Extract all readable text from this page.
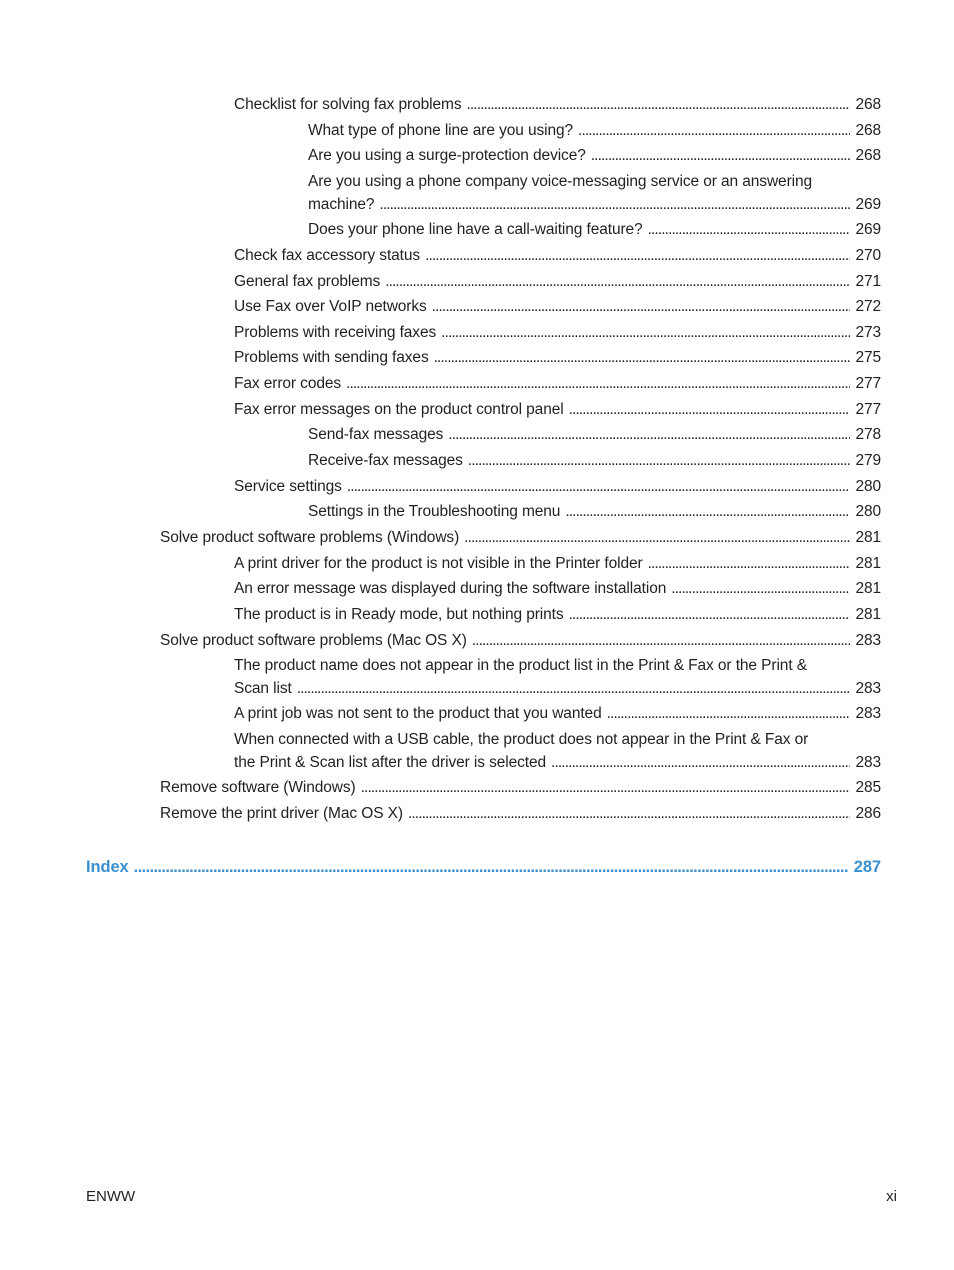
Checklist for solving fax problems . . .	268
What type of phone line are you using? . . .	268
Are you using a surge-protection device? . . .	268
Are you using a phone company voice-messaging service or an answering
machine? . . .	269
Does your phone line have a call-waiting feature? . . .	269
Check fax accessory status . . .	270
General fax problems . . .	271
Use Fax over VoIP networks . . .	272
Problems with receiving faxes . . .	273
Problems with sending faxes . . .	275
Fax error codes . . .	277
Fax error messages on the product control panel . . .	277
Send-fax messages . . .	278
Receive-fax messages . . .	279
Service settings . . .	280
Settings in the Troubleshooting menu . . .	280
Solve product software problems (Windows) . . .	281
A print driver for the product is not visible in the Printer folder . . .	281
An error message was displayed during the software installation . . .	281
The product is in Ready mode, but nothing prints . . .	281
Solve product software problems (Mac OS X) . . .	283
The product name does not appear in the product list in the Print & Fax or the Print &
Scan list . . .	283
A print job was not sent to the product that you wanted . . .	283
When connected with a USB cable, the product does not appear in the Print & Fax or
the Print & Scan list after the driver is selected . . .	283
Remove software (Windows) . . .	285
Remove the print driver (Mac OS X) . . .	286
Index . . .	287
ENWW	xi
